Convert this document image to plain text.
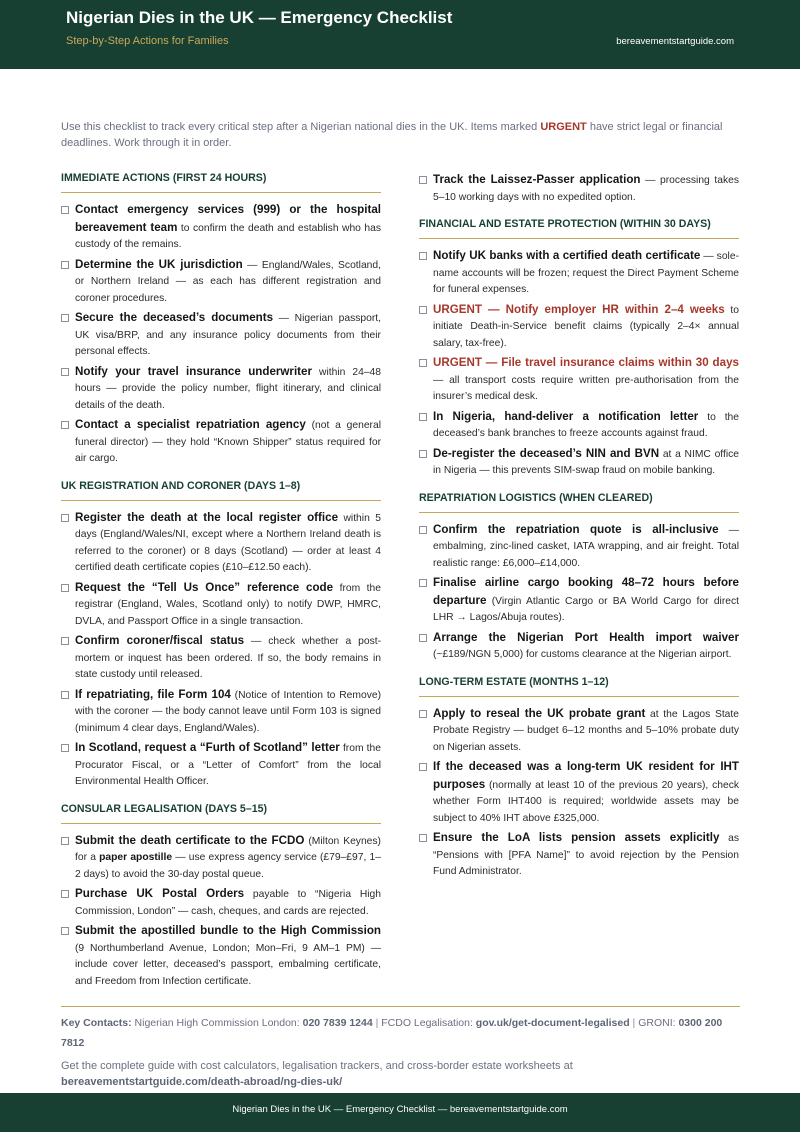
Nigerian Dies in the UK — Emergency Checklist
Step-by-Step Actions for Families	bereavementstartguide.com

Use this checklist to track every critical step after a Nigerian national dies in the UK. Items marked URGENT have strict legal or financial deadlines. Work through it in order.

IMMEDIATE ACTIONS (FIRST 24 HOURS)
Contact emergency services (999) or the hospital bereavement team to confirm the death and establish who has custody of the remains.
Determine the UK jurisdiction — England/Wales, Scotland, or Northern Ireland — as each has different registration and coroner procedures.
Secure the deceased’s documents — Nigerian passport, UK visa/BRP, and any insurance policy documents from their personal effects.
Notify your travel insurance underwriter within 24–48 hours — provide the policy number, flight itinerary, and clinical details of the death.
Contact a specialist repatriation agency (not a general funeral director) — they hold “Known Shipper” status required for air cargo.
UK REGISTRATION AND CORONER (DAYS 1–8)
Register the death at the local register office within 5 days (England/Wales/NI, except where a Northern Ireland death is referred to the coroner) or 8 days (Scotland) — order at least 4 certified death certificate copies (£10–£12.50 each).
Request the “Tell Us Once” reference code from the registrar (England, Wales, Scotland only) to notify DWP, HMRC, DVLA, and Passport Office in a single transaction.
Confirm coroner/fiscal status — check whether a post-mortem or inquest has been ordered. If so, the body remains in state custody until released.
If repatriating, file Form 104 (Notice of Intention to Remove) with the coroner — the body cannot leave until Form 103 is signed (minimum 4 clear days, England/Wales).
In Scotland, request a “Furth of Scotland” letter from the Procurator Fiscal, or a “Letter of Comfort” from the local Environmental Health Officer.
CONSULAR LEGALISATION (DAYS 5–15)
Submit the death certificate to the FCDO (Milton Keynes) for a paper apostille — use express agency service (£79–£97, 1–2 days) to avoid the 30-day postal queue.
Purchase UK Postal Orders payable to “Nigeria High Commission, London” — cash, cheques, and cards are rejected.
Submit the apostilled bundle to the High Commission (9 Northumberland Avenue, London; Mon–Fri, 9 AM–1 PM) — include cover letter, deceased’s passport, embalming certificate, and Freedom from Infection certificate.
Track the Laissez-Passer application — processing takes 5–10 working days with no expedited option.
FINANCIAL AND ESTATE PROTECTION (WITHIN 30 DAYS)
Notify UK banks with a certified death certificate — sole-name accounts will be frozen; request the Direct Payment Scheme for funeral expenses.
URGENT — Notify employer HR within 2–4 weeks to initiate Death-in-Service benefit claims (typically 2–4× annual salary, tax-free).
URGENT — File travel insurance claims within 30 days — all transport costs require written pre-authorisation from the insurer’s medical desk.
In Nigeria, hand-deliver a notification letter to the deceased’s bank branches to freeze accounts against fraud.
De-register the deceased’s NIN and BVN at a NIMC office in Nigeria — this prevents SIM-swap fraud on mobile banking.
REPATRIATION LOGISTICS (WHEN CLEARED)
Confirm the repatriation quote is all-inclusive — embalming, zinc-lined casket, IATA wrapping, and air freight. Total realistic range: £6,000–£14,000.
Finalise airline cargo booking 48–72 hours before departure (Virgin Atlantic Cargo or BA World Cargo for direct LHR → Lagos/Abuja routes).
Arrange the Nigerian Port Health import waiver (~£189/NGN 5,000) for customs clearance at the Nigerian airport.
LONG-TERM ESTATE (MONTHS 1–12)
Apply to reseal the UK probate grant at the Lagos State Probate Registry — budget 6–12 months and 5–10% probate duty on Nigerian assets.
If the deceased was a long-term UK resident for IHT purposes (normally at least 10 of the previous 20 years), check whether Form IHT400 is required; worldwide assets may be subject to 40% IHT above £325,000.
Ensure the LoA lists pension assets explicitly as “Pensions with [PFA Name]” to avoid rejection by the Pension Fund Administrator.

Key Contacts: Nigerian High Commission London: 020 7839 1244 | FCDO Legalisation: gov.uk/get-document-legalised | GRONI: 0300 200 7812

Get the complete guide with cost calculators, legalisation trackers, and cross-border estate worksheets at bereavementstartguide.com/death-abroad/ng-dies-uk/

Nigerian Dies in the UK — Emergency Checklist — bereavementstartguide.com
